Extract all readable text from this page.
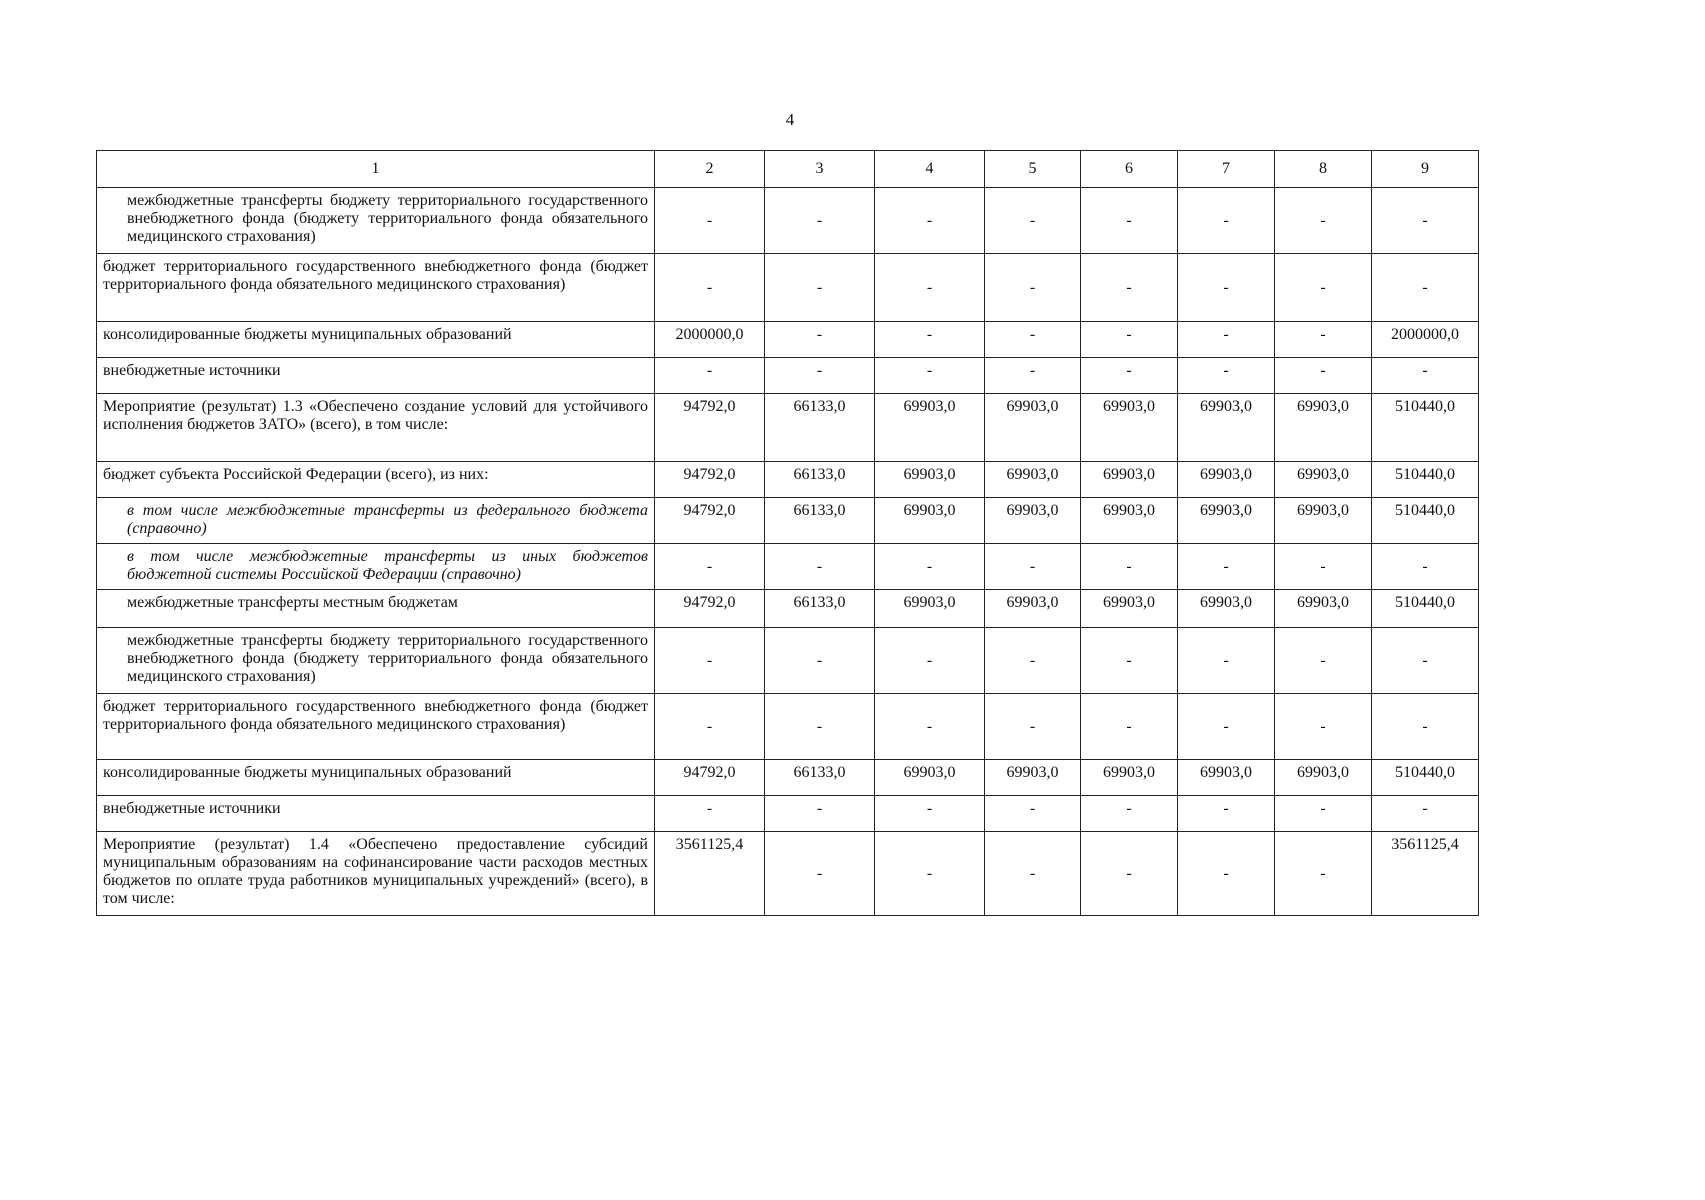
4
1	2	3	4	5	6	7	8	9
межбюджетные трансферты бюджету территориального государственного внебюджетного фонда (бюджету территориального фонда обязательного медицинского страхования)	-	-	-	-	-	-	-	-
бюджет территориального государственного внебюджетного фонда (бюджет территориального фонда обязательного медицинского страхования)	-	-	-	-	-	-	-	-
консолидированные бюджеты муниципальных образований	2000000,0	-	-	-	-	-	-	2000000,0
внебюджетные источники	-	-	-	-	-	-	-	-
Мероприятие (результат) 1.3 «Обеспечено создание условий для устойчивого исполнения бюджетов ЗАТО» (всего), в том числе:	94792,0	66133,0	69903,0	69903,0	69903,0	69903,0	69903,0	510440,0
бюджет субъекта Российской Федерации (всего), из них:	94792,0	66133,0	69903,0	69903,0	69903,0	69903,0	69903,0	510440,0
в том числе межбюджетные трансферты из федерального бюджета (справочно)	94792,0	66133,0	69903,0	69903,0	69903,0	69903,0	69903,0	510440,0
в том числе межбюджетные трансферты из иных бюджетов бюджетной системы Российской Федерации (справочно)	-	-	-	-	-	-	-	-
межбюджетные трансферты местным бюджетам	94792,0	66133,0	69903,0	69903,0	69903,0	69903,0	69903,0	510440,0
межбюджетные трансферты бюджету территориального государственного внебюджетного фонда (бюджету территориального фонда обязательного медицинского страхования)	-	-	-	-	-	-	-	-
бюджет территориального государственного внебюджетного фонда (бюджет территориального фонда обязательного медицинского страхования)	-	-	-	-	-	-	-	-
консолидированные бюджеты муниципальных образований	94792,0	66133,0	69903,0	69903,0	69903,0	69903,0	69903,0	510440,0
внебюджетные источники	-	-	-	-	-	-	-	-
Мероприятие (результат) 1.4 «Обеспечено предоставление субсидий муниципальным образованиям на софинансирование части расходов местных бюджетов по оплате труда работников муниципальных учреждений» (всего), в том числе:	3561125,4	-	-	-	-	-	-	3561125,4
